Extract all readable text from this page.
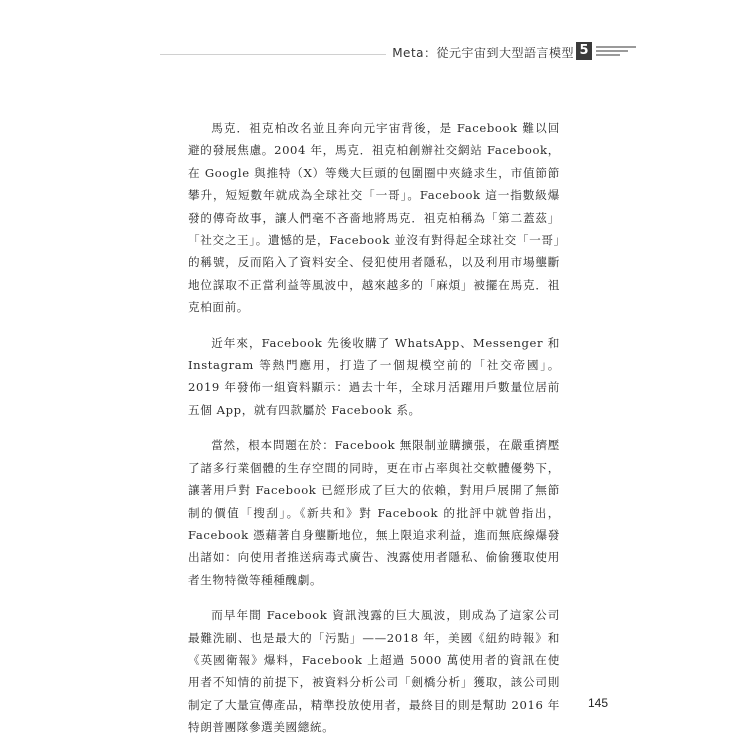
Meta：從元宇宙到大型語言模型 5

馬克．祖克柏改名並且奔向元宇宙背後，是 Facebook 難以回避的發展焦慮。2004 年，馬克．祖克柏創辦社交網站 Facebook，在 Google 與推特（X）等幾大巨頭的包圍圈中夾縫求生，市值節節攀升，短短數年就成為全球社交「一哥」。Facebook 這一指數級爆發的傳奇故事，讓人們毫不吝嗇地將馬克．祖克柏稱為「第二蓋茲」「社交之王」。遺憾的是，Facebook 並沒有對得起全球社交「一哥」的稱號，反而陷入了資料安全、侵犯使用者隱私，以及利用市場壟斷地位謀取不正當利益等風波中，越來越多的「麻煩」被擺在馬克．祖克柏面前。

近年來，Facebook 先後收購了 WhatsApp、Messenger 和 Instagram 等熱門應用，打造了一個規模空前的「社交帝國」。2019 年發佈一組資料顯示：過去十年，全球月活躍用戶數量位居前五個 App，就有四款屬於 Facebook 系。

當然，根本問題在於：Facebook 無限制並購擴張，在嚴重擠壓了諸多行業個體的生存空間的同時，更在市占率與社交軟體優勢下，讓著用戶對 Facebook 已經形成了巨大的依賴，對用戶展開了無節制的價值「搜刮」。《新共和》對 Facebook 的批評中就曾指出，Facebook 憑藉著自身壟斷地位，無上限追求利益，進而無底線爆發出諸如：向使用者推送病毒式廣告、洩露使用者隱私、偷偷獲取使用者生物特徵等種種醜劇。

而早年間 Facebook 資訊洩露的巨大風波，則成為了這家公司最難洗刷、也是最大的「污點」——2018 年，美國《紐約時報》和《英國衛報》爆料，Facebook 上超過 5000 萬使用者的資訊在使用者不知情的前提下，被資料分析公司「劍橋分析」獲取，該公司則制定了大量宣傳產品，精準投放使用者，最終目的則是幫助 2016 年特朗普團隊參選美國總統。

145
